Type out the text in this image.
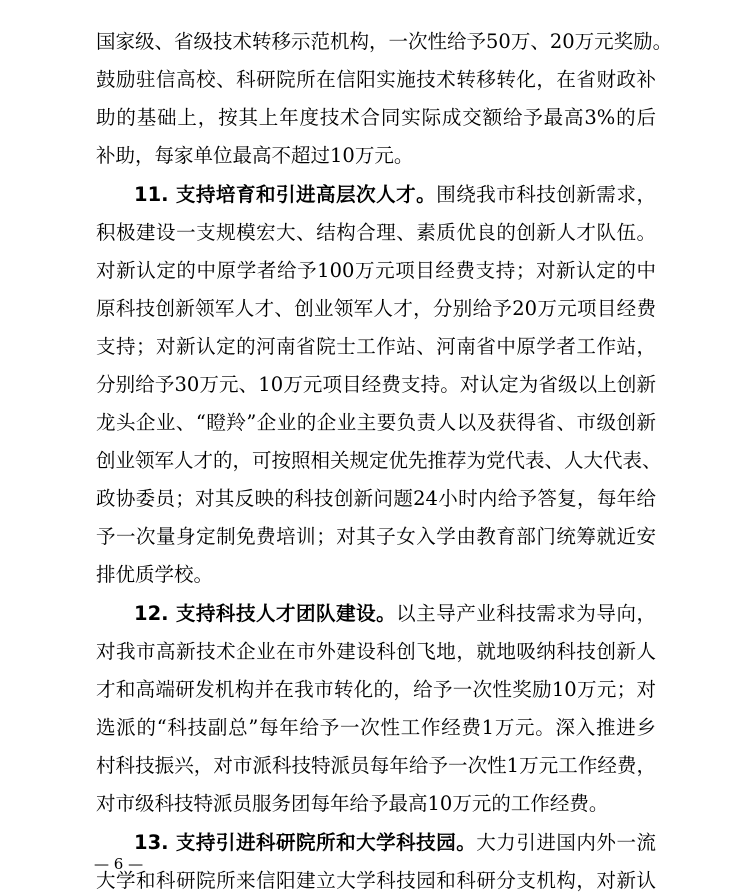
国家级、省级技术转移示范机构，一次性给予50万、20万元奖励。
鼓励驻信高校、科研院所在信阳实施技术转移转化，在省财政补
助的基础上，按其上年度技术合同实际成交额给予最高3%的后
补助，每家单位最高不超过10万元。
11. 支持培育和引进高层次人才。围绕我市科技创新需求，
积极建设一支规模宏大、结构合理、素质优良的创新人才队伍。
对新认定的中原学者给予100万元项目经费支持；对新认定的中
原科技创新领军人才、创业领军人才，分别给予20万元项目经费
支持；对新认定的河南省院士工作站、河南省中原学者工作站，
分别给予30万元、10万元项目经费支持。对认定为省级以上创新
龙头企业、“瞪羚”企业的企业主要负责人以及获得省、市级创新
创业领军人才的，可按照相关规定优先推荐为党代表、人大代表、
政协委员；对其反映的科技创新问题24小时内给予答复，每年给
予一次量身定制免费培训；对其子女入学由教育部门统筹就近安
排优质学校。
12. 支持科技人才团队建设。以主导产业科技需求为导向，
对我市高新技术企业在市外建设科创飞地，就地吸纳科技创新人
才和高端研发机构并在我市转化的，给予一次性奖励10万元；对
选派的“科技副总”每年给予一次性工作经费1万元。深入推进乡
村科技振兴，对市派科技特派员每年给予一次性1万元工作经费，
对市级科技特派员服务团每年给予最高10万元的工作经费。
13. 支持引进科研院所和大学科技园。大力引进国内外一流
大学和科研院所来信阳建立大学科技园和科研分支机构，对新认
— 6 —
